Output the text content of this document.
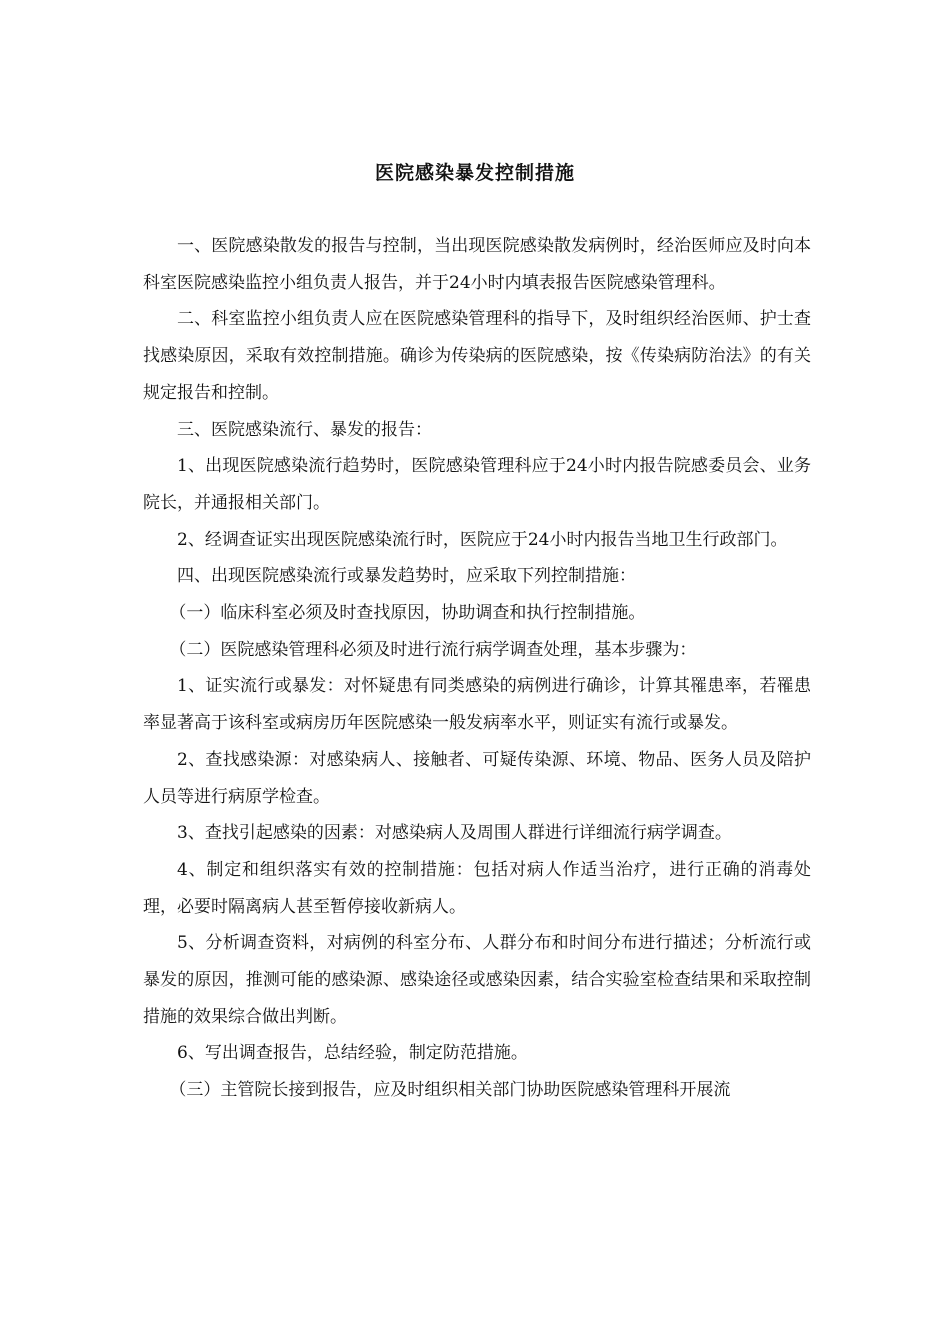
医院感染暴发控制措施

一、医院感染散发的报告与控制，当出现医院感染散发病例时，经治医师应及时向本科室医院感染监控小组负责人报告，并于24小时内填表报告医院感染管理科。

二、科室监控小组负责人应在医院感染管理科的指导下，及时组织经治医师、护士查找感染原因，采取有效控制措施。确诊为传染病的医院感染，按《传染病防治法》的有关规定报告和控制。

三、医院感染流行、暴发的报告：

1、出现医院感染流行趋势时，医院感染管理科应于24小时内报告院感委员会、业务院长，并通报相关部门。

2、经调查证实出现医院感染流行时，医院应于24小时内报告当地卫生行政部门。

四、出现医院感染流行或暴发趋势时，应采取下列控制措施：

（一）临床科室必须及时查找原因，协助调查和执行控制措施。

（二）医院感染管理科必须及时进行流行病学调查处理，基本步骤为：

1、证实流行或暴发：对怀疑患有同类感染的病例进行确诊，计算其罹患率，若罹患率显著高于该科室或病房历年医院感染一般发病率水平，则证实有流行或暴发。

2、查找感染源：对感染病人、接触者、可疑传染源、环境、物品、医务人员及陪护人员等进行病原学检查。

3、查找引起感染的因素：对感染病人及周围人群进行详细流行病学调查。

4、制定和组织落实有效的控制措施：包括对病人作适当治疗，进行正确的消毒处理，必要时隔离病人甚至暂停接收新病人。

5、分析调查资料，对病例的科室分布、人群分布和时间分布进行描述；分析流行或暴发的原因，推测可能的感染源、感染途径或感染因素，结合实验室检查结果和采取控制措施的效果综合做出判断。

6、写出调查报告，总结经验，制定防范措施。

（三）主管院长接到报告，应及时组织相关部门协助医院感染管理科开展流
